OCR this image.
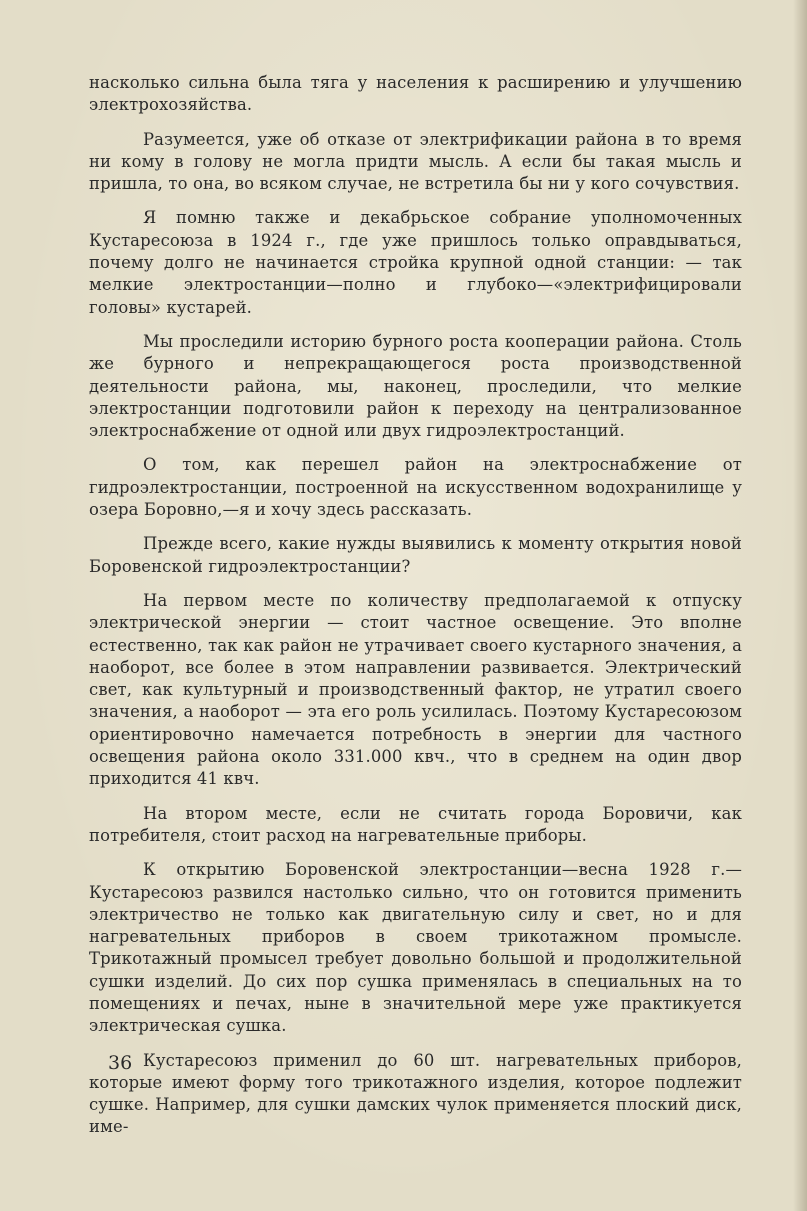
насколько сильна была тяга у населения к расширению и улучшению электрохозяйства.

Разумеется, уже об отказе от электрификации района в то время ни кому в голову не могла придти мысль. А если бы такая мысль и пришла, то она, во всяком случае, не встретила бы ни у кого сочувствия.

Я помню также и декабрьское собрание уполномоченных Кустаресоюза в 1924 г., где уже пришлось только оправдываться, почему долго не начинается стройка крупной одной станции: — так мелкие электростанции—полно и глубоко—«электрифицировали головы» кустарей.

Мы проследили историю бурного роста кооперации района. Столь же бурного и непрекращающегося роста производственной деятельности района, мы, наконец, проследили, что мелкие электростанции подготовили район к переходу на централизованное электроснабжение от одной или двух гидроэлектростанций.

О том, как перешел район на электроснабжение от гидроэлектростанции, построенной на искусственном водохранилище у озера Боровно,—я и хочу здесь рассказать.

Прежде всего, какие нужды выявились к моменту открытия новой Боровенской гидроэлектростанции?

На первом месте по количеству предполагаемой к отпуску электрической энергии — стоит частное освещение. Это вполне естественно, так как район не утрачивает своего кустарного значения, а наоборот, все более в этом направлении развивается. Электрический свет, как культурный и производственный фактор, не утратил своего значения, а наоборот — эта его роль усилилась. Поэтому Кустаресоюзом ориентировочно намечается потребность в энергии для частного освещения района около 331.000 квч., что в среднем на один двор приходится 41 квч.

На втором месте, если не считать города Боровичи, как потребителя, стоит расход на нагревательные приборы.

К открытию Боровенской электростанции—весна 1928 г.—Кустаресоюз развился настолько сильно, что он готовится применить электричество не только как двигательную силу и свет, но и для нагревательных приборов в своем трикотажном промысле. Трикотажный промысел требует довольно большой и продолжительной сушки изделий. До сих пор сушка применялась в специальных на то помещениях и печах, ныне в значительной мере уже практикуется электрическая сушка.

Кустаресоюз применил до 60 шт. нагревательных приборов, которые имеют форму того трикотажного изделия, которое подлежит сушке. Например, для сушки дамских чулок применяется плоский диск, име-

36
